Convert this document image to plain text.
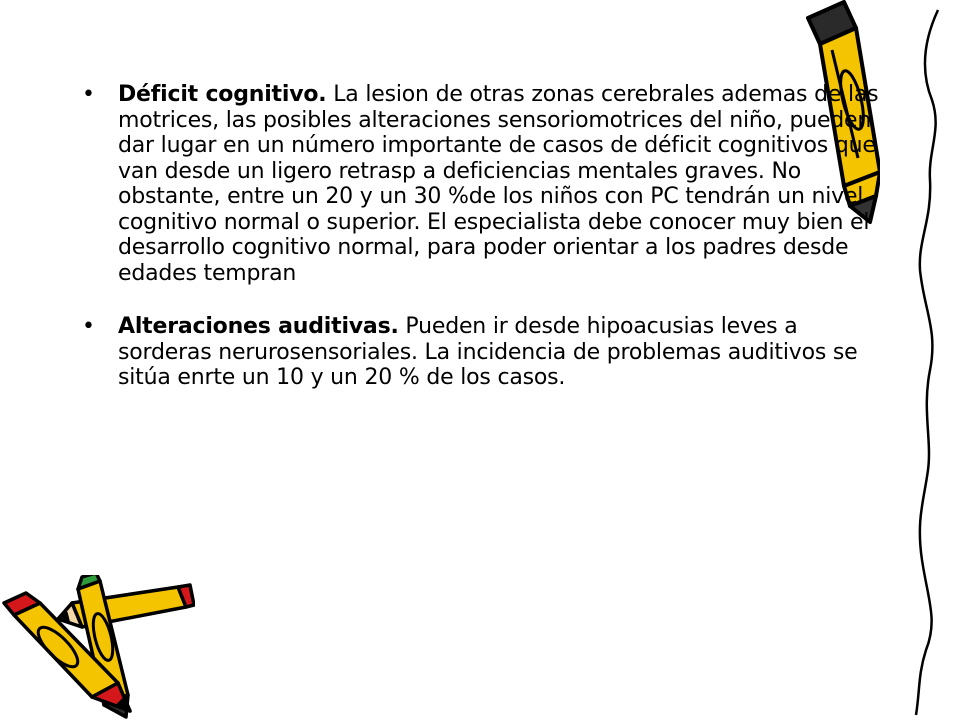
• Déficit cognitivo. La lesion de otras zonas cerebrales ademas de las motrices, las posibles alteraciones sensoriomotrices del niño, pueden dar lugar en un número importante de casos de déficit cognitivos que van desde un ligero retrasp a deficiencias mentales graves. No obstante, entre un 20 y un 30 %de los niños con PC tendrán un nivel cognitivo normal o superior. El especialista debe conocer muy bien el desarrollo cognitivo normal, para poder orientar a los padres desde edades tempran
• Alteraciones auditivas. Pueden ir desde hipoacusias leves a sorderas nerurosensoriales. La incidencia de problemas auditivos se sitúa enrte un 10 y un 20 % de los casos.
